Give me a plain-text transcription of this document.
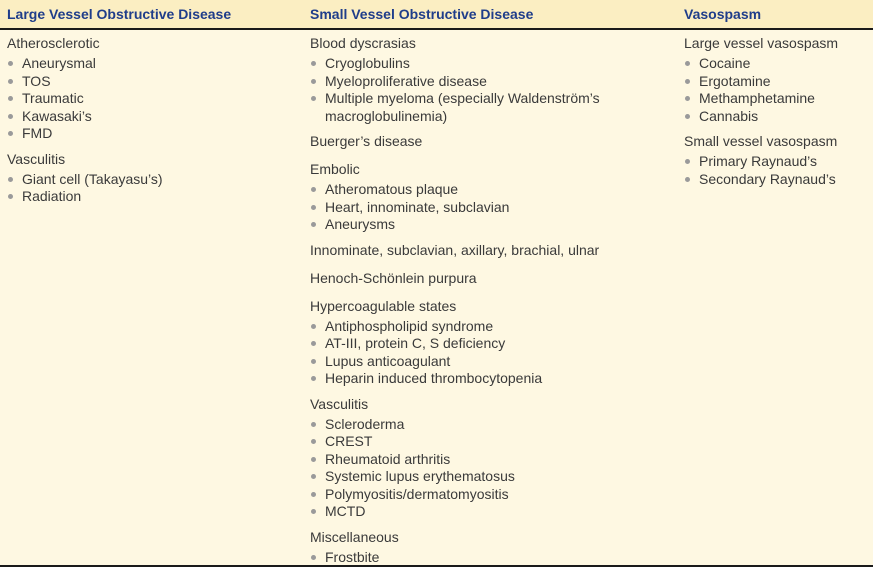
Large Vessel Obstructive Disease	Small Vessel Obstructive Disease	Vasospasm
Atherosclerotic
Aneurysmal
TOS
Traumatic
Kawasaki’s
FMD
Vasculitis
Giant cell (Takayasu’s)
Radiation
Blood dyscrasias
Cryoglobulins
Myeloproliferative disease
Multiple myeloma (especially Waldenström’s macroglobulinemia)
Buerger’s disease
Embolic
Atheromatous plaque
Heart, innominate, subclavian
Aneurysms
Innominate, subclavian, axillary, brachial, ulnar
Henoch-Schönlein purpura
Hypercoagulable states
Antiphospholipid syndrome
AT-III, protein C, S deficiency
Lupus anticoagulant
Heparin induced thrombocytopenia
Vasculitis
Scleroderma
CREST
Rheumatoid arthritis
Systemic lupus erythematosus
Polymyositis/dermatomyositis
MCTD
Miscellaneous
Frostbite
Large vessel vasospasm
Cocaine
Ergotamine
Methamphetamine
Cannabis
Small vessel vasospasm
Primary Raynaud’s
Secondary Raynaud’s
